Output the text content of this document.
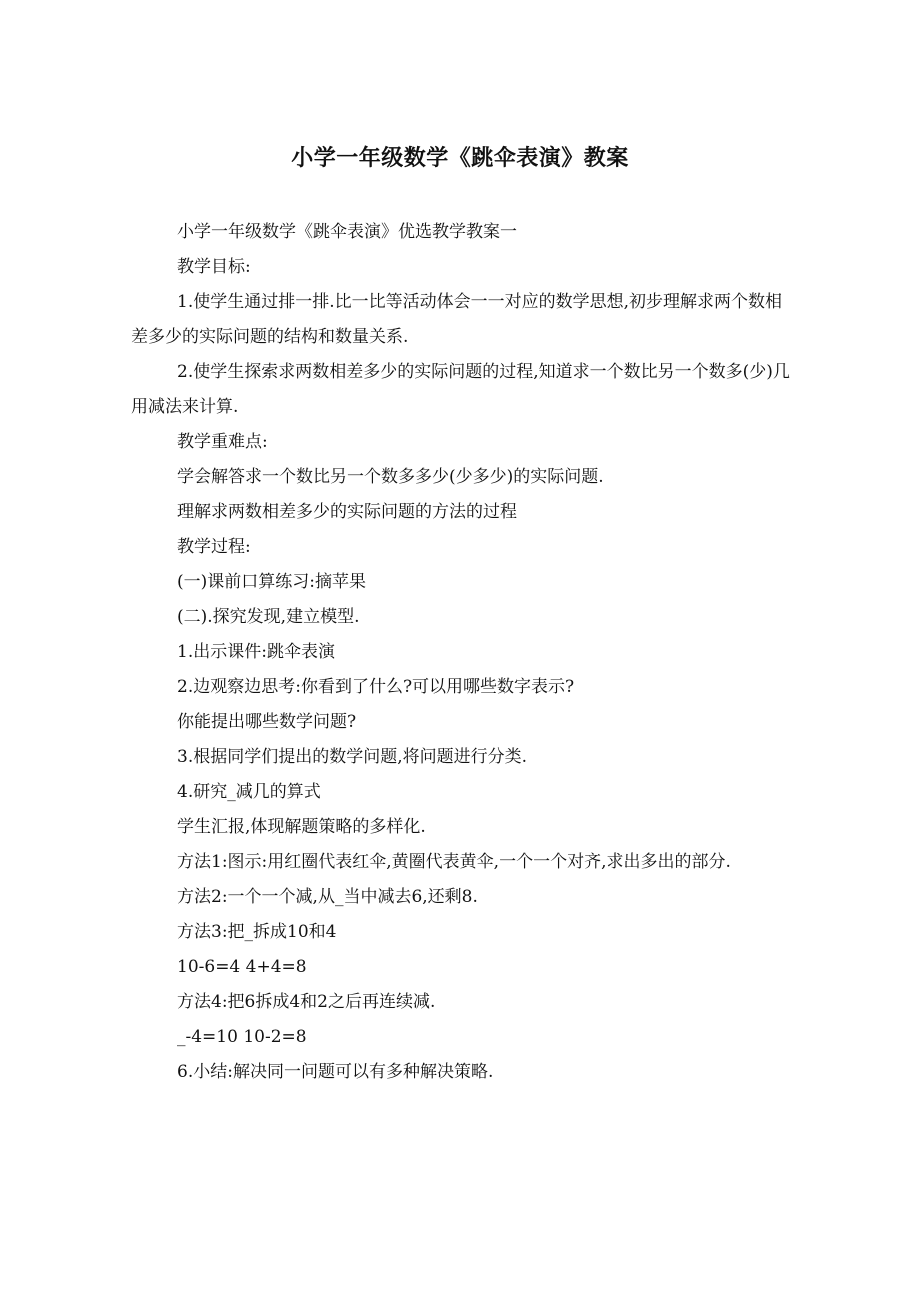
小学一年级数学《跳伞表演》教案

小学一年级数学《跳伞表演》优选教学教案一

教学目标:

1.使学生通过排一排.比一比等活动体会一一对应的数学思想,初步理解求两个数相差多少的实际问题的结构和数量关系.

2.使学生探索求两数相差多少的实际问题的过程,知道求一个数比另一个数多(少)几用减法来计算.

教学重难点:

学会解答求一个数比另一个数多多少(少多少)的实际问题.

理解求两数相差多少的实际问题的方法的过程

教学过程:

(一)课前口算练习:摘苹果

(二).探究发现,建立模型.

1.出示课件:跳伞表演

2.边观察边思考:你看到了什么?可以用哪些数字表示?

你能提出哪些数学问题?

3.根据同学们提出的数学问题,将问题进行分类.

4.研究_减几的算式

学生汇报,体现解题策略的多样化.

方法1:图示:用红圈代表红伞,黄圈代表黄伞,一个一个对齐,求出多出的部分.

方法2:一个一个减,从_当中减去6,还剩8.

方法3:把_拆成10和4

10-6=4 4+4=8

方法4:把6拆成4和2之后再连续减.

_-4=10 10-2=8

6.小结:解决同一问题可以有多种解决策略.
